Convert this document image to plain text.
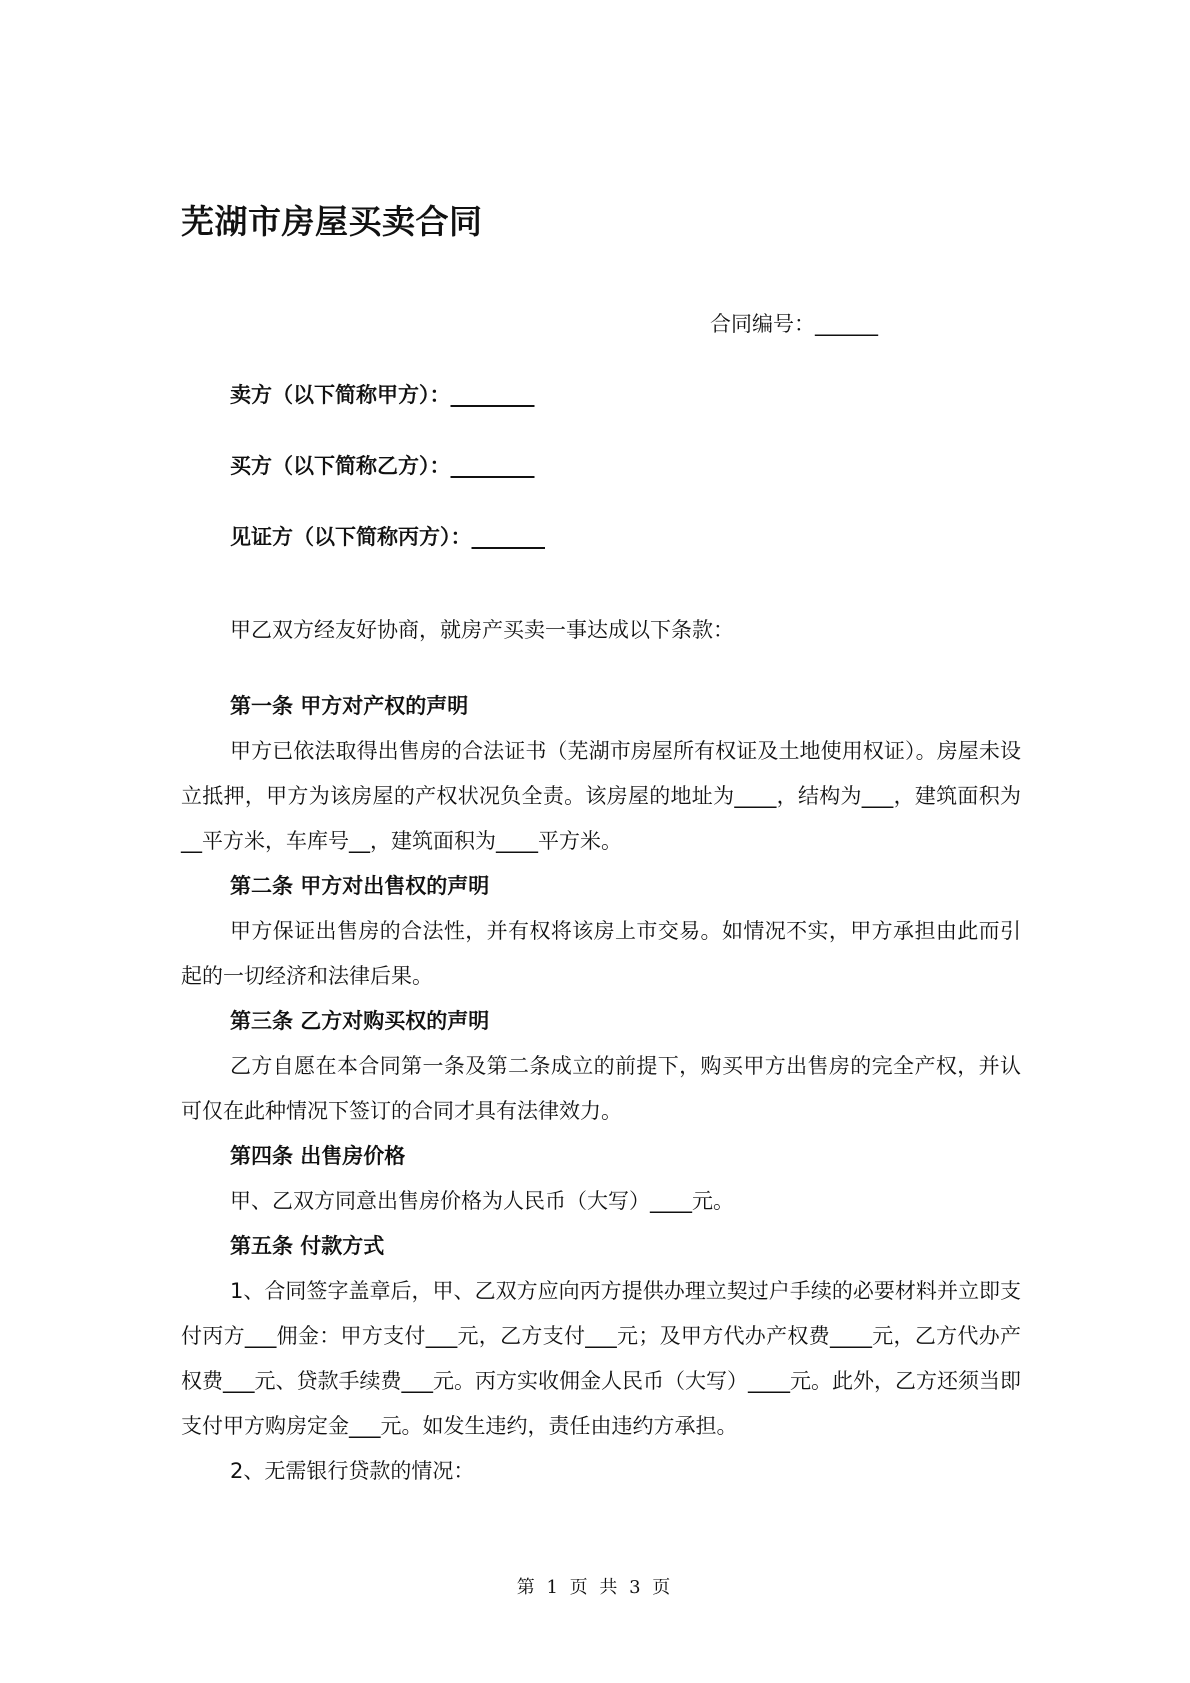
芜湖市房屋买卖合同
合同编号：______
卖方（以下简称甲方）：________
买方（以下简称乙方）：________
见证方（以下简称丙方）：_______
甲乙双方经友好协商，就房产买卖一事达成以下条款：
第一条 甲方对产权的声明
甲方已依法取得出售房的合法证书（芜湖市房屋所有权证及土地使用权证）。房屋未设立抵押，甲方为该房屋的产权状况负全责。该房屋的地址为____，结构为___，建筑面积为__平方米，车库号__，建筑面积为____平方米。
第二条 甲方对出售权的声明
甲方保证出售房的合法性，并有权将该房上市交易。如情况不实，甲方承担由此而引起的一切经济和法律后果。
第三条 乙方对购买权的声明
乙方自愿在本合同第一条及第二条成立的前提下，购买甲方出售房的完全产权，并认可仅在此种情况下签订的合同才具有法律效力。
第四条 出售房价格
甲、乙双方同意出售房价格为人民币（大写）____元。
第五条 付款方式
1、合同签字盖章后，甲、乙双方应向丙方提供办理立契过户手续的必要材料并立即支付丙方___佣金：甲方支付___元，乙方支付___元；及甲方代办产权费____元，乙方代办产权费___元、贷款手续费___元。丙方实收佣金人民币（大写）____元。此外，乙方还须当即支付甲方购房定金___元。如发生违约，责任由违约方承担。
2、无需银行贷款的情况：
第 1 页 共 3 页
